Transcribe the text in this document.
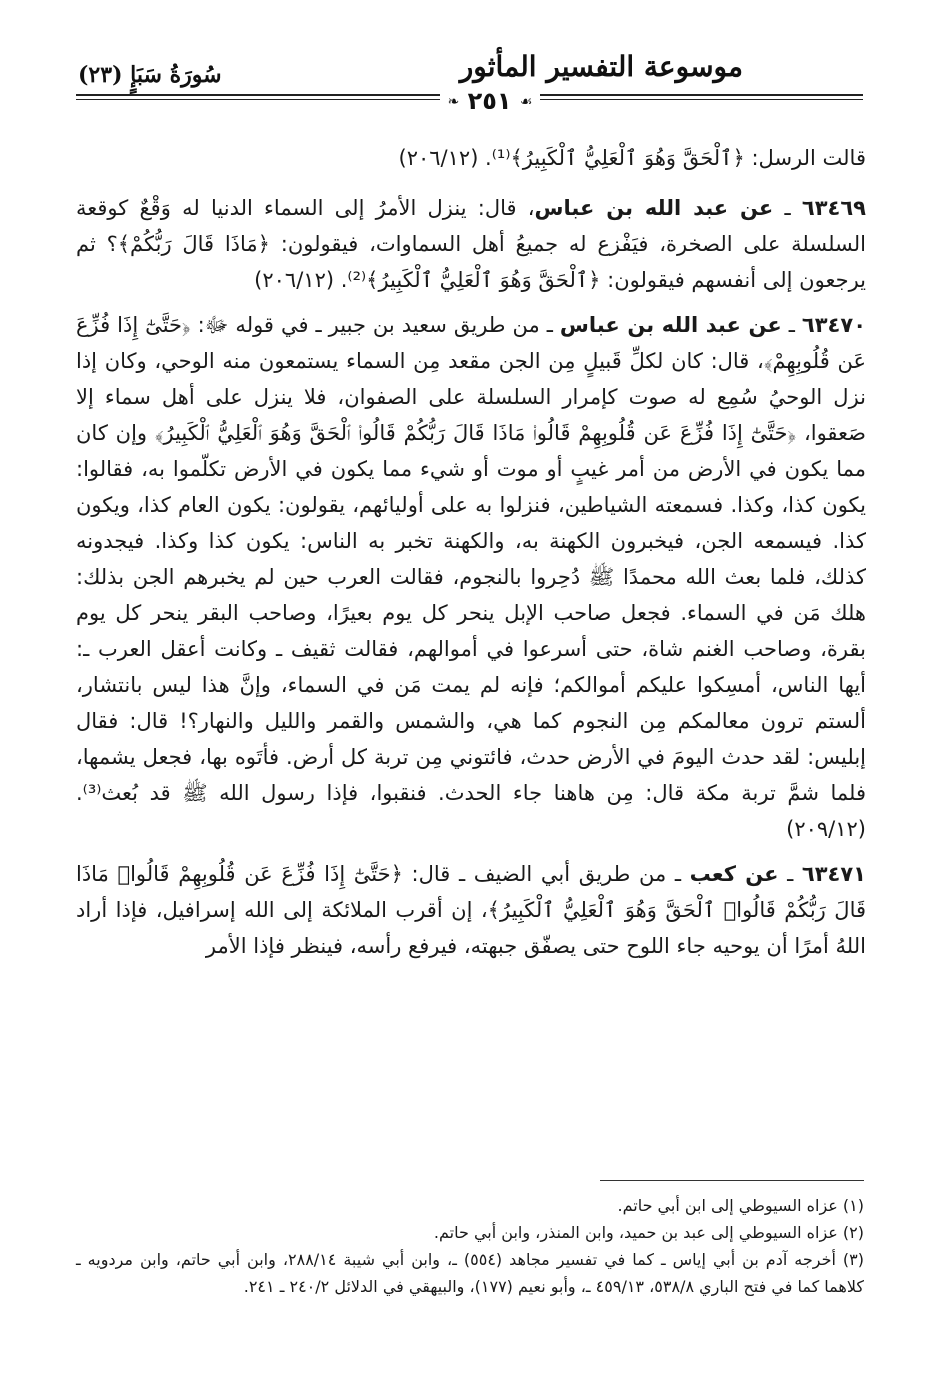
موسوعة التفسير المأثور
سُورَةُ سَبَإٍ (٢٣)
❧ ٢٥١ ☙

قالت الرسل: ﴿ٱلْحَقَّ وَهُوَ ٱلْعَلِيُّ ٱلْكَبِيرُ﴾⁽¹⁾. (٢٠٦/١٢)

٦٣٤٦٩ ـ عن عبد الله بن عباس، قال: ينزل الأمرُ إلى السماء الدنيا له وَقْعٌ كوقعة السلسلة على الصخرة، فيَفْزع له جميعُ أهل السماوات، فيقولون: ﴿مَاذَا قَالَ رَبُّكُمْ﴾؟ ثم يرجعون إلى أنفسهم فيقولون: ﴿ٱلْحَقَّ وَهُوَ ٱلْعَلِيُّ ٱلْكَبِيرُ﴾⁽²⁾. (٢٠٦/١٢)

٦٣٤٧٠ ـ عن عبد الله بن عباس ـ من طريق سعيد بن جبير ـ في قوله ﷻ: ﴿حَتَّىٰٓ إِذَا فُزِّعَ عَن قُلُوبِهِمْ﴾، قال: كان لكلِّ قَبيلٍ مِن الجن مقعد مِن السماء يستمعون منه الوحي، وكان إذا نزل الوحيُ سُمِع له صوت كإمرار السلسلة على الصفوان، فلا ينزل على أهل سماء إلا صَعقوا، ﴿حَتَّىٰٓ إِذَا فُزِّعَ عَن قُلُوبِهِمْ قَالُوا۟ مَاذَا قَالَ رَبُّكُمْ قَالُوا۟ ٱلْحَقَّ وَهُوَ ٱلْعَلِيُّ ٱلْكَبِيرُ﴾ وإن كان مما يكون في الأرض من أمر غيبٍ أو موت أو شيء مما يكون في الأرض تكلّموا به، فقالوا: يكون كذا، وكذا. فسمعته الشياطين، فنزلوا به على أوليائهم، يقولون: يكون العام كذا، ويكون كذا. فيسمعه الجن، فيخبرون الكهنة به، والكهنة تخبر به الناس: يكون كذا وكذا. فيجدونه كذلك، فلما بعث الله محمدًا ﷺ دُحِروا بالنجوم، فقالت العرب حين لم يخبرهم الجن بذلك: هلك مَن في السماء. فجعل صاحب الإبل ينحر كل يوم بعيرًا، وصاحب البقر ينحر كل يوم بقرة، وصاحب الغنم شاة، حتى أسرعوا في أموالهم، فقالت ثقيف ـ وكانت أعقل العرب ـ: أيها الناس، أمسِكوا عليكم أموالكم؛ فإنه لم يمت مَن في السماء، وإنَّ هذا ليس بانتشار، ألستم ترون معالمكم مِن النجوم كما هي، والشمس والقمر والليل والنهار؟! قال: فقال إبليس: لقد حدث اليومَ في الأرض حدث، فائتوني مِن تربة كل أرض. فأتَوه بها، فجعل يشمها، فلما شمَّ تربة مكة قال: مِن هاهنا جاء الحدث. فنقبوا، فإذا رسول الله ﷺ قد بُعث⁽³⁾. (٢٠٩/١٢)

٦٣٤٧١ ـ عن كعب ـ من طريق أبي الضيف ـ قال: ﴿حَتَّىٰٓ إِذَا فُزِّعَ عَن قُلُوبِهِمْ قَالُوا۟ مَاذَا قَالَ رَبُّكُمْ قَالُوا۟ ٱلْحَقَّ وَهُوَ ٱلْعَلِيُّ ٱلْكَبِيرُ﴾، إن أقرب الملائكة إلى الله إسرافيل، فإذا أراد اللهُ أمرًا أن يوحيه جاء اللوح حتى يصفّق جبهته، فيرفع رأسه، فينظر فإذا الأمر

(١) عزاه السيوطي إلى ابن أبي حاتم.

(٢) عزاه السيوطي إلى عبد بن حميد، وابن المنذر، وابن أبي حاتم.

(٣) أخرجه آدم بن أبي إياس ـ كما في تفسير مجاهد (٥٥٤) ـ، وابن أبي شيبة ٢٨٨/١٤، وابن أبي حاتم، وابن مردويه ـ كلاهما كما في فتح الباري ٥٣٨/٨، ٤٥٩/١٣ ـ، وأبو نعيم (١٧٧)، والبيهقي في الدلائل ٢٤٠/٢ ـ ٢٤١.
